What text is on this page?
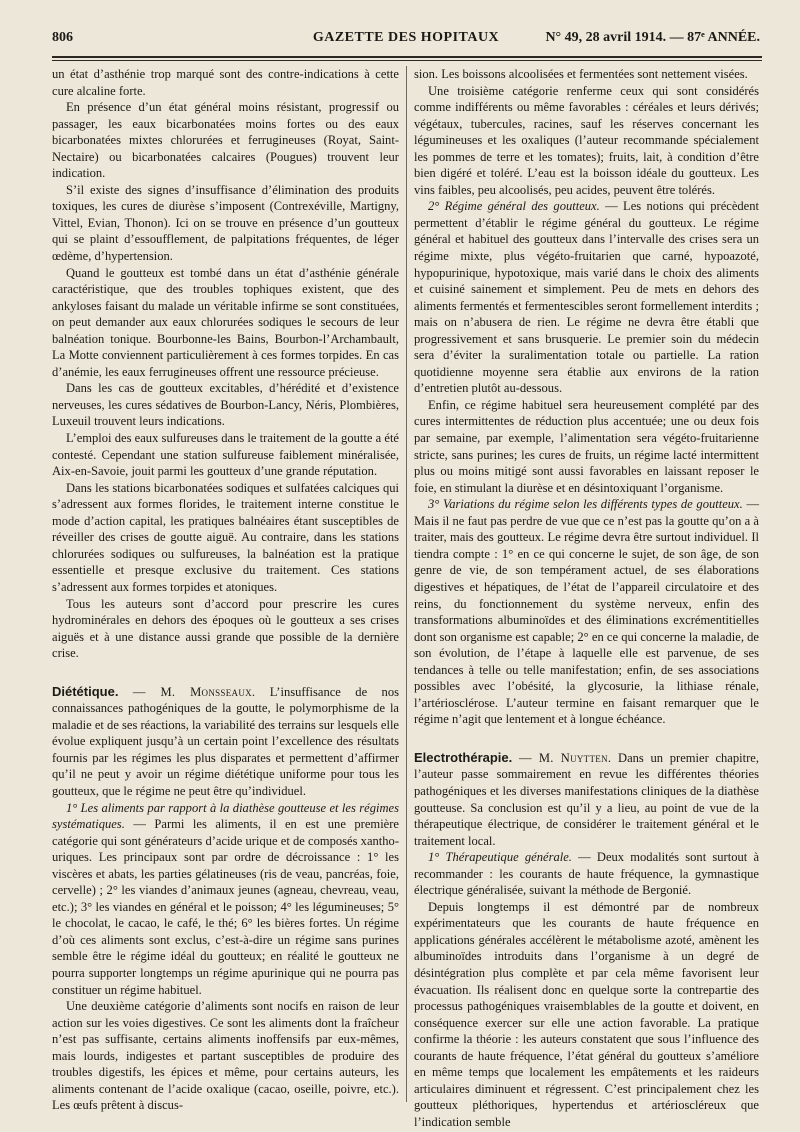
806	GAZETTE DES HOPITAUX	N° 49, 28 avril 1914. — 87ᵉ ANNÉE.

un état d’asthénie trop marqué sont des contre-indications à cette cure alcaline forte.

En présence d’un état général moins résistant, progressif ou passager, les eaux bicarbonatées moins fortes ou des eaux bicarbonatées mixtes chlorurées et ferrugineuses (Royat, Saint-Nectaire) ou bicarbonatées calcaires (Pougues) trouvent leur indication.

S’il existe des signes d’insuffisance d’élimination des produits toxiques, les cures de diurèse s’imposent (Contrexéville, Martigny, Vittel, Evian, Thonon). Ici on se trouve en présence d’un goutteux qui se plaint d’essoufflement, de palpitations fréquentes, de léger œdème, d’hypertension.

Quand le goutteux est tombé dans un état d’asthénie générale caractéristique, que des troubles tophiques existent, que des ankyloses faisant du malade un véritable infirme se sont constituées, on peut demander aux eaux chlorurées sodiques le secours de leur balnéation tonique. Bourbonne-les Bains, Bourbon-l’Archambault, La Motte conviennent particulièrement à ces formes torpides. En cas d’anémie, les eaux ferrugineuses offrent une ressource précieuse.

Dans les cas de goutteux excitables, d’hérédité et d’existence nerveuses, les cures sédatives de Bourbon-Lancy, Néris, Plombières, Luxeuil trouvent leurs indications.

L’emploi des eaux sulfureuses dans le traitement de la goutte a été contesté. Cependant une station sulfureuse faiblement minéralisée, Aix-en-Savoie, jouit parmi les goutteux d’une grande réputation.

Dans les stations bicarbonatées sodiques et sulfatées calciques qui s’adressent aux formes florides, le traitement interne constitue le mode d’action capital, les pratiques balnéaires étant susceptibles de réveiller des crises de goutte aiguë. Au contraire, dans les stations chlorurées sodiques ou sulfureuses, la balnéation est la pratique essentielle et presque exclusive du traitement. Ces stations s’adressent aux formes torpides et atoniques.

Tous les auteurs sont d’accord pour prescrire les cures hydrominérales en dehors des époques où le goutteux a ses crises aiguës et à une distance aussi grande que possible de la dernière crise.

Diététique. — M. Monsseaux. L’insuffisance de nos connaissances pathogéniques de la goutte, le polymorphisme de la maladie et de ses réactions, la variabilité des terrains sur lesquels elle évolue expliquent jusqu’à un certain point l’excellence des résultats fournis par les régimes les plus disparates et permettent d’affirmer qu’il ne peut y avoir un régime diététique uniforme pour tous les goutteux, que le régime ne peut être qu’individuel.

1° Les aliments par rapport à la diathèse goutteuse et les régimes systématiques. — Parmi les aliments, il en est une première catégorie qui sont générateurs d’acide urique et de composés xantho-uriques. Les principaux sont par ordre de décroissance : 1° les viscères et abats, les parties gélatineuses (ris de veau, pancréas, foie, cervelle) ; 2° les viandes d’animaux jeunes (agneau, chevreau, veau, etc.); 3° les viandes en général et le poisson; 4° les légumineuses; 5° le chocolat, le cacao, le café, le thé; 6° les bières fortes. Un régime d’où ces aliments sont exclus, c’est-à-dire un régime sans purines semble être le régime idéal du goutteux; en réalité le goutteux ne pourra supporter longtemps un régime apurinique qui ne pourra pas constituer un régime habituel.

Une deuxième catégorie d’aliments sont nocifs en raison de leur action sur les voies digestives. Ce sont les aliments dont la fraîcheur n’est pas suffisante, certains aliments inoffensifs par eux-mêmes, mais lourds, indigestes et partant susceptibles de produire des troubles digestifs, les épices et même, pour certains auteurs, les aliments contenant de l’acide oxalique (cacao, oseille, poivre, etc.). Les œufs prêtent à discus-

sion. Les boissons alcoolisées et fermentées sont nettement visées.

Une troisième catégorie renferme ceux qui sont considérés comme indifférents ou même favorables : céréales et leurs dérivés; végétaux, tubercules, racines, sauf les réserves concernant les légumineuses et les oxaliques (l’auteur recommande spécialement les pommes de terre et les tomates); fruits, lait, à condition d’être bien digéré et toléré. L’eau est la boisson idéale du goutteux. Les vins faibles, peu alcoolisés, peu acides, peuvent être tolérés.

2° Régime général des goutteux. — Les notions qui précèdent permettent d’établir le régime général du goutteux. Le régime général et habituel des goutteux dans l’intervalle des crises sera un régime mixte, plus végéto-fruitarien que carné, hypoazoté, hypopurinique, hypotoxique, mais varié dans le choix des aliments et cuisiné sainement et simplement. Peu de mets en dehors des aliments fermentés et fermentescibles seront formellement interdits ; mais on n’abusera de rien. Le régime ne devra être établi que progressivement et sans brusquerie. Le premier soin du médecin sera d’éviter la suralimentation totale ou partielle. La ration quotidienne moyenne sera établie aux environs de la ration d’entretien plutôt au-dessous.

Enfin, ce régime habituel sera heureusement complété par des cures intermittentes de réduction plus accentuée; une ou deux fois par semaine, par exemple, l’alimentation sera végéto-fruitarienne stricte, sans purines; les cures de fruits, un régime lacté intermittent plus ou moins mitigé sont aussi favorables en laissant reposer le foie, en stimulant la diurèse et en désintoxiquant l’organisme.

3° Variations du régime selon les différents types de goutteux. — Mais il ne faut pas perdre de vue que ce n’est pas la goutte qu’on a à traiter, mais des goutteux. Le régime devra être surtout individuel. Il tiendra compte : 1° en ce qui concerne le sujet, de son âge, de son genre de vie, de son tempérament actuel, de ses élaborations digestives et hépatiques, de l’état de l’appareil circulatoire et des reins, du fonctionnement du système nerveux, enfin des transformations albuminoïdes et des éliminations excrémentitielles dont son organisme est capable; 2° en ce qui concerne la maladie, de son évolution, de l’étape à laquelle elle est parvenue, de ses tendances à telle ou telle manifestation; enfin, de ses associations possibles avec l’obésité, la glycosurie, la lithiase rénale, l’artériosclérose. L’auteur termine en faisant remarquer que le régime n’agit que lentement et à longue échéance.

Electrothérapie. — M. Nuytten. Dans un premier chapitre, l’auteur passe sommairement en revue les différentes théories pathogéniques et les diverses manifestations cliniques de la diathèse goutteuse. Sa conclusion est qu’il y a lieu, au point de vue de la thérapeutique électrique, de considérer le traitement général et le traitement local.

1° Thérapeutique générale. — Deux modalités sont surtout à recommander : les courants de haute fréquence, la gymnastique électrique généralisée, suivant la méthode de Bergonié.

Depuis longtemps il est démontré par de nombreux expérimentateurs que les courants de haute fréquence en applications générales accélèrent le métabolisme azoté, amènent les albuminoïdes introduits dans l’organisme à un degré de désintégration plus complète et par cela même favorisent leur évacuation. Ils réalisent donc en quelque sorte la contrepartie des processus pathogéniques vraisemblables de la goutte et doivent, en conséquence exercer sur elle une action favorable. La pratique confirme la théorie : les auteurs constatent que sous l’influence des courants de haute fréquence, l’état général du goutteux s’améliore en même temps que localement les empâtements et les raideurs articulaires diminuent et régressent. C’est principalement chez les goutteux pléthoriques, hypertendus et artérioscléreux que l’indication semble
